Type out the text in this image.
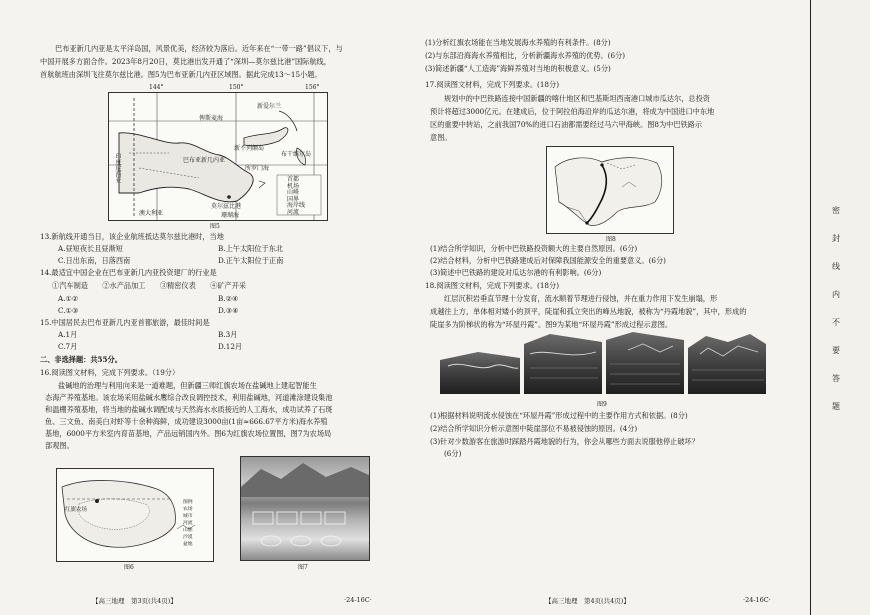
巴布亚新几内亚是太平洋岛国，风景优美，经济较为落后。近年来在“一带一路”倡议下，与
中国开展多方面合作。2023年8月20日，莫比港出发开通了“深圳—莫尔兹比港”国际航线，
首航航班由深圳飞往莫尔兹比港。图5为巴布亚新几内亚区域图。据此完成13～15小题。
144°	150°	156°
俾斯麦海
所罗门海
新爱尔兰
新不列颠岛
巴布亚新几内亚
布干维尔岛
印度尼西亚
莫尔兹比港
珊瑚海
澳大利亚
首都
机场
山峰
国界
海岸线
河流
图5
13.新航线开通当日，该企业航班抵达莫尔兹比港时，当地
A.昼短夜长且昼渐短	B.上午太阳位于东北
C.日出东南，日落西南	D.正午太阳位于正南
14.最适宜中国企业在巴布亚新几内亚投资建厂的行业是
①汽车制造　　②水产品加工　　③精密仪表　　④矿产开采
A.①②	B.②④
C.①③	D.③④
15.中国居民去巴布亚新几内亚首都旅游，最佳时间是
A.1月	B.3月
C.7月	D.12月
二、非选择题：共55分。
16.阅读图文材料，完成下列要求。（19分）
盐碱地的治理与利用向来是一道难题，但新疆三师红旗农场在盐碱地上建起智能生
态海产养殖基地。该农场采用盐碱水鹰综合改良调控技术，利用盐碱地，河道滩涂建设集池
和温棚养殖基地，将当地的盐碱水调配成与天然海水水质接近的人工海水，成功试养了石斑
鱼、三文鱼、南美白对虾等十余种海鲜，成功建设3000亩(1亩≈666.67平方米)海水养殖
基地，6000平方米室内育苗基地，产品远销国内外。图6为红旗农场位置图，图7为农场局
部观图。
红旗农场
图例
农场
城市
河流
山脉
沙漠
盆地
图6	图7
【高三地理　第3页(共4页)】	·24-16C·
(1)分析红旗农场能在当地发展海水养殖的有利条件。(8分)
(2)与东部沿海海水养殖相比，分析新疆海水养殖的优势。(6分)
(3)简述新疆“人工造海”海鲜养殖对当地的积极意义。(5分)
17.阅读图文材料，完成下列要求。(18分)
规划中的中巴铁路连接中国新疆的喀什地区和巴基斯坦西南港口城市瓜达尔，总投资
预计将超过3000亿元。在建成后，位于阿拉伯海沿岸的瓜达尔港，将成为中国进口中东地
区的重要中转站，之前我国70%的进口石油都需要经过马六甲海峡。图8为中巴铁路示
意图。
图8
(1)结合所学知识，分析中巴铁路投资额大的主要自然原因。(6分)
(2)结合材料，分析中巴铁路建成后对保障我国能源安全的重要意义。(6分)
(3)简述中巴铁路的建设对瓜达尔港的有利影响。(6分)
18.阅读图文材料，完成下列要求。(18分)
红层沉积岩垂直节理十分发育，流水顺着节理进行侵蚀，并在重力作用下发生崩塌，形
成越往上方，单体相对矮小的顶平，陡崖和孤立突出的峰丛地貌，被称为“丹霞地貌”，其中，形成的
陡崖多为阶梯状的称为“环屋丹霞”。图9为某地“环屋丹霞”形成过程示意图。
图9
(1)根据材料说明流水侵蚀在“环屋丹霞”形成过程中的主要作用方式和依据。(8分)
(2)结合所学知识分析示意图中陡崖部位不易被侵蚀的原因。(4分)
(3)针对少数游客在旅游时踩踏丹霞地貌的行为，你会从哪些方面去说服他停止破坏？
(6分)
【高三地理　第4页(共4页)】	·24-16C·
密
封
线
内
不
要
答
题
